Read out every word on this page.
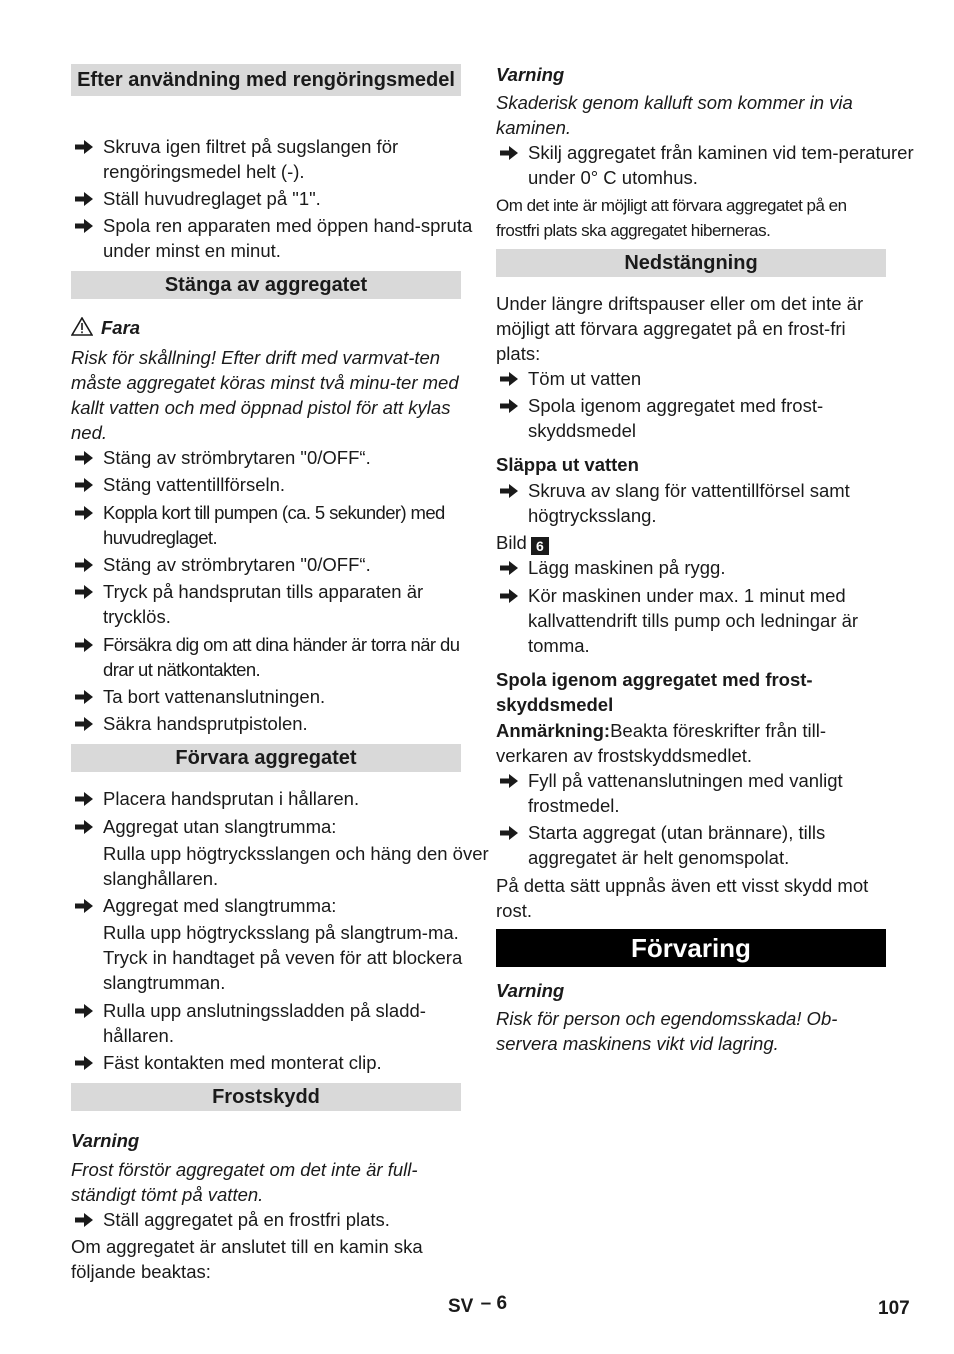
Efter användning med rengöringsmedel
Skruva igen filtret på sugslangen för rengöringsmedel helt (-).
Ställ huvudreglaget på "1".
Spola ren apparaten med öppen hand-spruta under minst en minut.
Stänga av aggregatet
Fara
Risk för skållning! Efter drift med varmvat-ten måste aggregatet köras minst två minu-ter med kallt vatten och med öppnad pistol för att kylas ned.
Stäng av strömbrytaren "0/OFF“.
Stäng vattentillförseln.
Koppla kort till pumpen (ca. 5 sekunder) med huvudreglaget.
Stäng av strömbrytaren "0/OFF“.
Tryck på handsprutan tills apparaten är trycklös.
Försäkra dig om att dina händer är torra när du drar ut nätkontakten.
Ta bort vattenanslutningen.
Säkra handsprutpistolen.
Förvara aggregatet
Placera handsprutan i hållaren.
Aggregat utan slangtrumma:
Rulla upp högtrycksslangen och häng den över slanghållaren.
Aggregat med slangtrumma:
Rulla upp högtrycksslang på slangtrum-ma. Tryck in handtaget på veven för att blockera slangtrumman.
Rulla upp anslutningssladden på sladd-hållaren.
Fäst kontakten med monterat clip.
Frostskydd
Varning
Frost förstör aggregatet om det inte är full-ständigt tömt på vatten.
Ställ aggregatet på en frostfri plats.
Om aggregatet är anslutet till en kamin ska följande beaktas:
Varning
Skaderisk genom kalluft som kommer in via kaminen.
Skilj aggregatet från kaminen vid tem-peraturer under 0° C utomhus.
Om det inte är möjligt att förvara aggregatet på en frostfri plats ska aggregatet hiberneras.
Nedstängning
Under längre driftspauser eller om det inte är möjligt att förvara aggregatet på en frost-fri plats:
Töm ut vatten
Spola igenom aggregatet med frost-skyddsmedel
Släppa ut vatten
Skruva av slang för vattentillförsel samt högtrycksslang.
Bild 6
Lägg maskinen på rygg.
Kör maskinen under max. 1 minut med kallvattendrift tills pump och ledningar är tomma.
Spola igenom aggregatet med frost-skyddsmedel
Anmärkning:Beakta föreskrifter från till-verkaren av frostskyddsmedlet.
Fyll på vattenanslutningen med vanligt frostmedel.
Starta aggregat (utan brännare), tills aggregatet är helt genomspolat.
På detta sätt uppnås även ett visst skydd mot rost.
Förvaring
Varning
Risk för person och egendomsskada! Ob-servera maskinens vikt vid lagring.
SV – 6	107
